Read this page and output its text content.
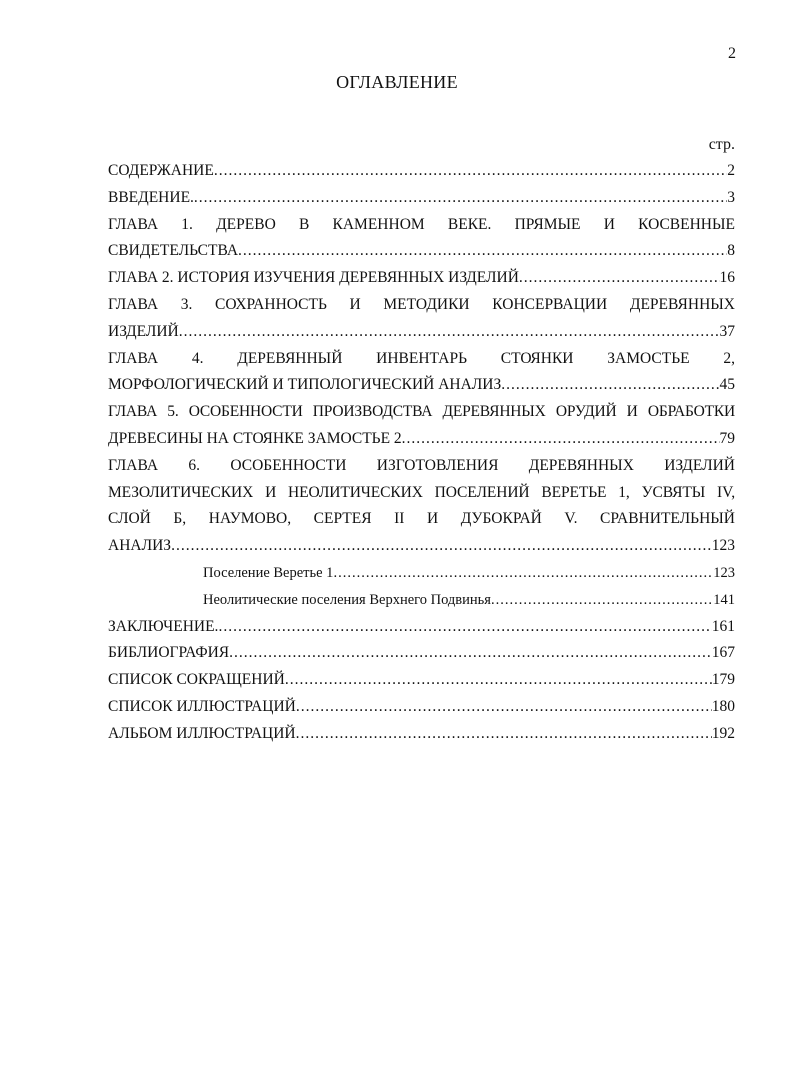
2
ОГЛАВЛЕНИЕ
стр.
СОДЕРЖАНИЕ .....	2
ВВЕДЕНИЕ. .....	3
ГЛАВА 1. ДЕРЕВО В КАМЕННОМ ВЕКЕ. ПРЯМЫЕ И КОСВЕННЫЕ
СВИДЕТЕЛЬСТВА .....	8
ГЛАВА 2. ИСТОРИЯ ИЗУЧЕНИЯ ДЕРЕВЯННЫХ ИЗДЕЛИЙ .....	16
ГЛАВА 3. СОХРАННОСТЬ И МЕТОДИКИ КОНСЕРВАЦИИ ДЕРЕВЯННЫХ
ИЗДЕЛИЙ .....	37
ГЛАВА 4. ДЕРЕВЯННЫЙ ИНВЕНТАРЬ СТОЯНКИ ЗАМОСТЬЕ 2,
МОРФОЛОГИЧЕСКИЙ И ТИПОЛОГИЧЕСКИЙ АНАЛИЗ .....	45
ГЛАВА 5. ОСОБЕННОСТИ ПРОИЗВОДСТВА ДЕРЕВЯННЫХ ОРУДИЙ И ОБРАБОТКИ
ДРЕВЕСИНЫ НА СТОЯНКЕ ЗАМОСТЬЕ 2 .....	79
ГЛАВА 6. ОСОБЕННОСТИ ИЗГОТОВЛЕНИЯ ДЕРЕВЯННЫХ ИЗДЕЛИЙ
МЕЗОЛИТИЧЕСКИХ И НЕОЛИТИЧЕСКИХ ПОСЕЛЕНИЙ ВЕРЕТЬЕ 1, УСВЯТЫ IV,
СЛОЙ Б, НАУМОВО, СЕРТЕЯ II И ДУБОКРАЙ V. СРАВНИТЕЛЬНЫЙ
АНАЛИЗ .....	123
Поселение Веретье 1 .....	123
Неолитические поселения Верхнего Подвинья .....	141
ЗАКЛЮЧЕНИЕ. .....	161
БИБЛИОГРАФИЯ .....	167
СПИСОК СОКРАЩЕНИЙ .....	179
СПИСОК ИЛЛЮСТРАЦИЙ .....	180
АЛЬБОМ ИЛЛЮСТРАЦИЙ .....	192
